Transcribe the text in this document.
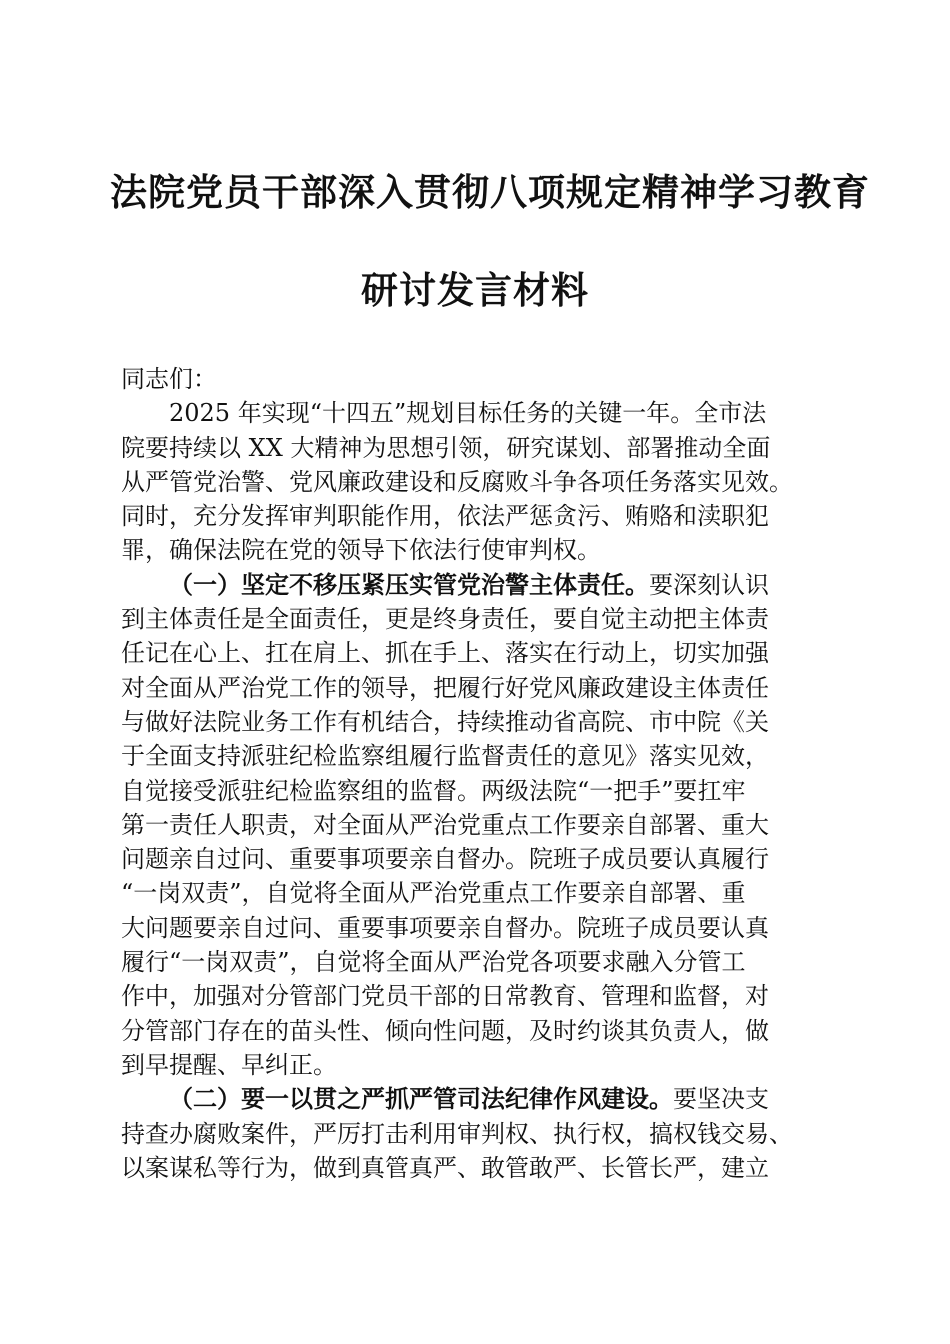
法院党员干部深入贯彻八项规定精神学习教育
研讨发言材料
同志们：
2025 年实现“十四五”规划目标任务的关键一年。全市法
院要持续以 XX 大精神为思想引领，研究谋划、部署推动全面
从严管党治警、党风廉政建设和反腐败斗争各项任务落实见效。
同时，充分发挥审判职能作用，依法严惩贪污、贿赂和渎职犯
罪，确保法院在党的领导下依法行使审判权。
（一）坚定不移压紧压实管党治警主体责任。要深刻认识
到主体责任是全面责任，更是终身责任，要自觉主动把主体责
任记在心上、扛在肩上、抓在手上、落实在行动上，切实加强
对全面从严治党工作的领导，把履行好党风廉政建设主体责任
与做好法院业务工作有机结合，持续推动省高院、市中院《关
于全面支持派驻纪检监察组履行监督责任的意见》落实见效，
自觉接受派驻纪检监察组的监督。两级法院“一把手”要扛牢
第一责任人职责，对全面从严治党重点工作要亲自部署、重大
问题亲自过问、重要事项要亲自督办。院班子成员要认真履行
“一岗双责”，自觉将全面从严治党重点工作要亲自部署、重
大问题要亲自过问、重要事项要亲自督办。院班子成员要认真
履行“一岗双责”，自觉将全面从严治党各项要求融入分管工
作中，加强对分管部门党员干部的日常教育、管理和监督，对
分管部门存在的苗头性、倾向性问题，及时约谈其负责人，做
到早提醒、早纠正。
（二）要一以贯之严抓严管司法纪律作风建设。要坚决支
持查办腐败案件，严厉打击利用审判权、执行权，搞权钱交易、
以案谋私等行为，做到真管真严、敢管敢严、长管长严，建立
